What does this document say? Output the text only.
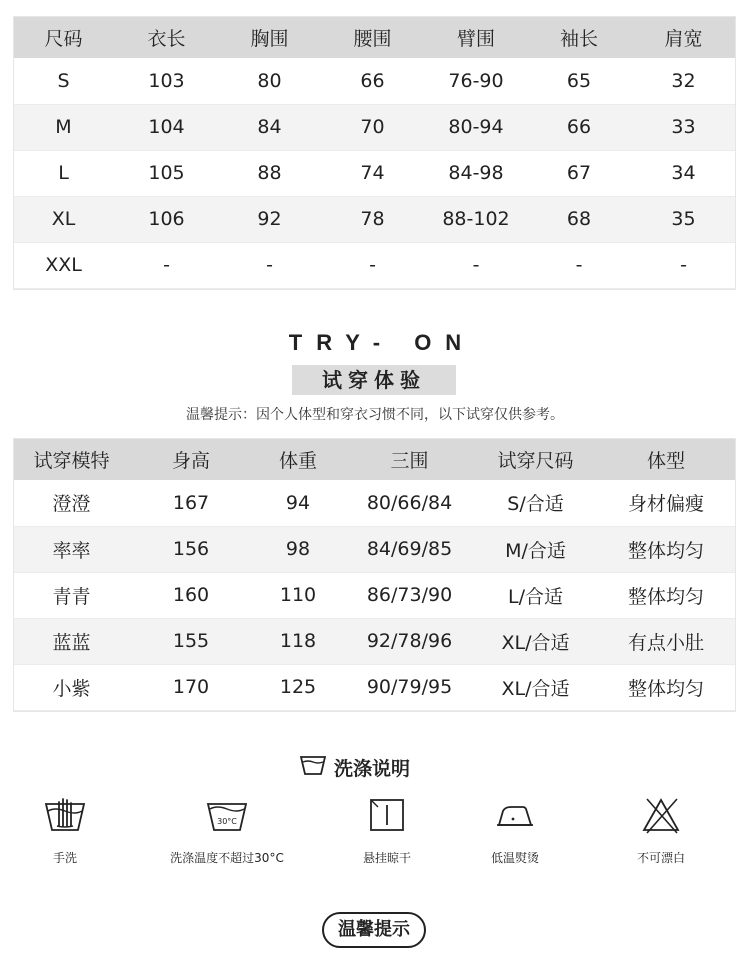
尺码	衣长	胸围	腰围	臂围	袖长	肩宽
S	103	80	66	76-90	65	32
M	104	84	70	80-94	66	33
L	105	88	74	84-98	67	34
XL	106	92	78	88-102	68	35
XXL	-	-	-	-	-	-
TRY- ON
试穿体验
温馨提示：因个人体型和穿衣习惯不同，以下试穿仅供参考。
试穿模特	身高	体重	三围	试穿尺码	体型
澄澄	167	94	80/66/84	S/合适	身材偏瘦
率率	156	98	84/69/85	M/合适	整体均匀
青青	160	110	86/73/90	L/合适	整体均匀
蓝蓝	155	118	92/78/96	XL/合适	有点小肚
小紫	170	125	90/79/95	XL/合适	整体均匀
洗涤说明
手洗
30°C
洗涤温度不超过30°C	悬挂晾干	低温熨烫	不可漂白
温馨提示
